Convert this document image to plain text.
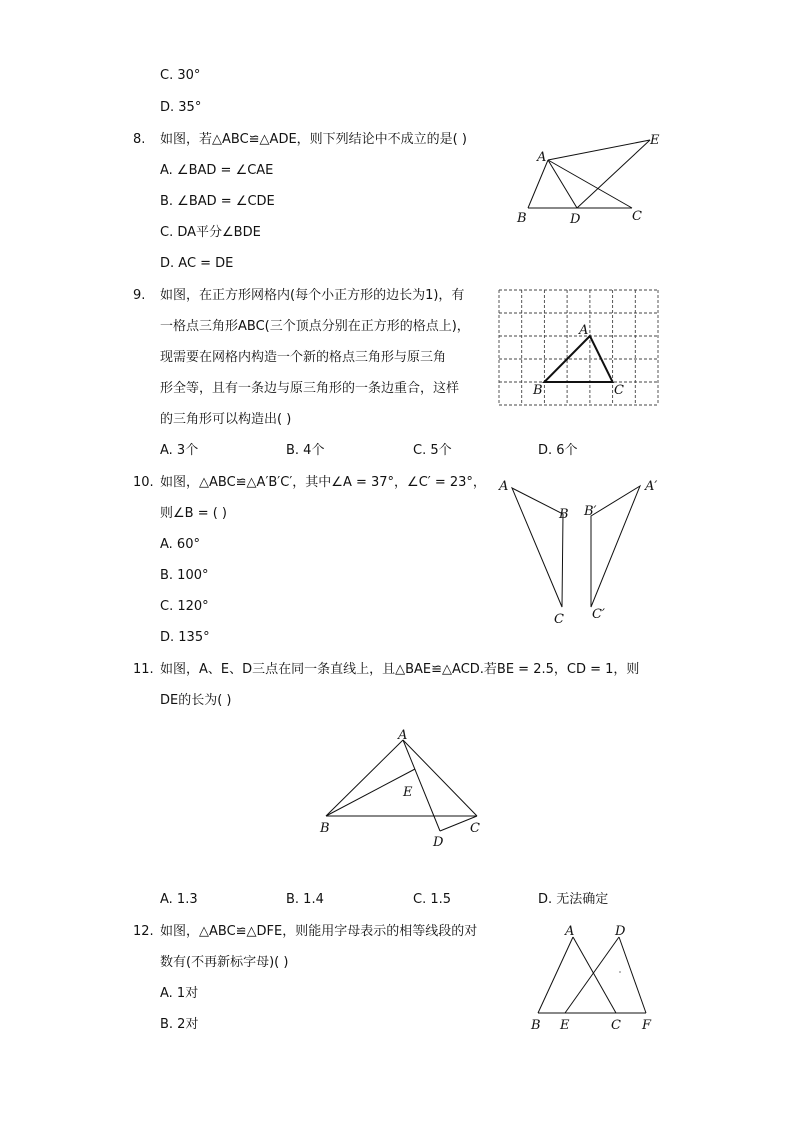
C. 30°
D. 35°
8. 如图，若△ABC≌△ADE，则下列结论中不成立的是( )
A. ∠BAD = ∠CAE
B. ∠BAD = ∠CDE
C. DA平分∠BDE
D. AC = DE
A
E
B	D	C
9. 如图，在正方形网格内(每个小正方形的边长为1)，有
一格点三角形ABC(三个顶点分别在正方形的格点上)，
现需要在网格内构造一个新的格点三角形与原三角
形全等，且有一条边与原三角形的一条边重合，这样
的三角形可以构造出( )
A. 3个	B. 4个	C. 5个	D. 6个
A
B	C
10. 如图，△ABC≌△A′B′C′，其中∠A = 37°，∠C′ = 23°，
则∠B = ( )
A. 60°
B. 100°
C. 120°
D. 135°
A
B
C
A′
B′
C′
11. 如图，A、E、D三点在同一条直线上，且△BAE≌△ACD.若BE = 2.5，CD = 1，则
DE的长为( )
A
E
B
D
C
A. 1.3	B. 1.4	C. 1.5	D. 无法确定
12. 如图，△ABC≌△DFE，则能用字母表示的相等线段的对
数有(不再新标字母)( )
A. 1对
B. 2对
A	D
B E	C F
